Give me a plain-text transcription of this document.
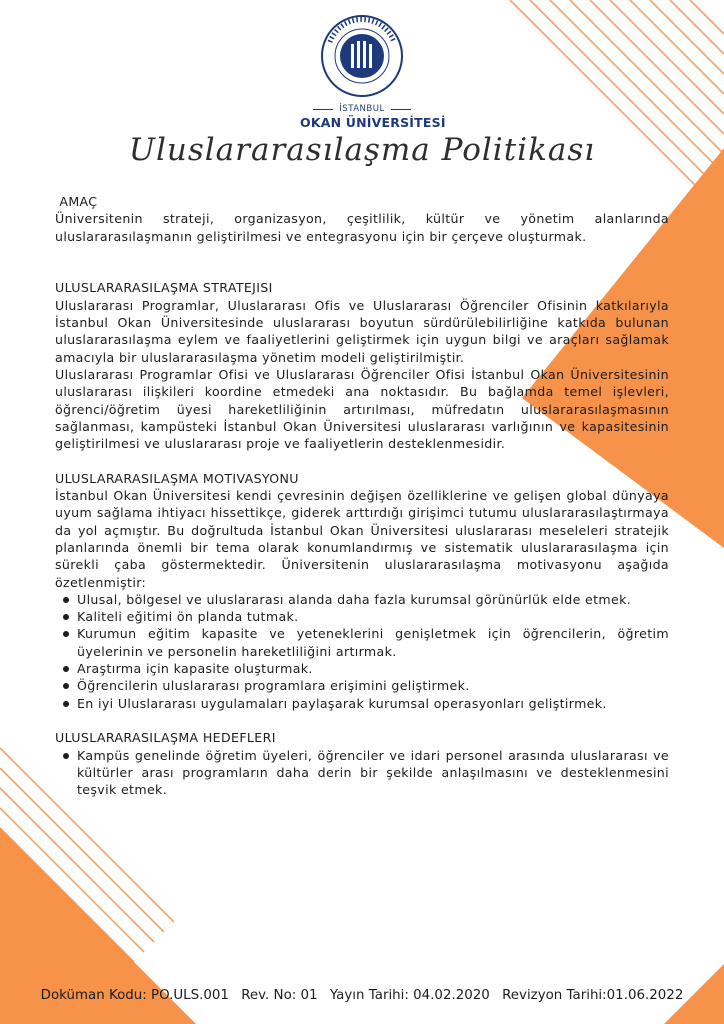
İSTANBUL
OKAN ÜNİVERSİTESİ
Uluslararasılaşma Politikası

AMAÇ

Üniversitenin strateji, organizasyon, çeşitlilik, kültür ve yönetim alanlarında uluslararasılaşmanın geliştirilmesi ve entegrasyonu için bir çerçeve oluşturmak.

ULUSLARARASILAŞMA STRATEJISI

Uluslararası Programlar, Uluslararası Ofis ve Uluslararası Öğrenciler Ofisinin katkılarıyla İstanbul Okan Üniversitesinde uluslararası boyutun sürdürülebilirliğine katkıda bulunan uluslararasılaşma eylem ve faaliyetlerini geliştirmek için uygun bilgi ve araçları sağlamak amacıyla bir uluslararasılaşma yönetim modeli geliştirilmiştir.

Uluslararası Programlar Ofisi ve Uluslararası Öğrenciler Ofisi İstanbul Okan Üniversitesinin uluslararası ilişkileri koordine etmedeki ana noktasıdır. Bu bağlamda temel işlevleri, öğrenci/öğretim üyesi hareketliliğinin artırılması, müfredatın uluslararasılaşmasının sağlanması, kampüsteki İstanbul Okan Üniversitesi uluslararası varlığının ve kapasitesinin geliştirilmesi ve uluslararası proje ve faaliyetlerin desteklenmesidir.

ULUSLARARASILAŞMA MOTIVASYONU

İstanbul Okan Üniversitesi kendi çevresinin değişen özelliklerine ve gelişen global dünyaya uyum sağlama ihtiyacı hissettikçe, giderek arttırdığı girişimci tutumu uluslararasılaştırmaya da yol açmıştır. Bu doğrultuda İstanbul Okan Üniversitesi uluslararası meseleleri stratejik planlarında önemli bir tema olarak konumlandırmış ve sistematik uluslararasılaşma için sürekli çaba göstermektedir. Üniversitenin uluslararasılaşma motivasyonu aşağıda özetlenmiştir:

Ulusal, bölgesel ve uluslararası alanda daha fazla kurumsal görünürlük elde etmek.
Kaliteli eğitimi ön planda tutmak.
Kurumun eğitim kapasite ve yeteneklerini genişletmek için öğrencilerin, öğretim üyelerinin ve personelin hareketliliğini artırmak.
Araştırma için kapasite oluşturmak.
Öğrencilerin uluslararası programlara erişimini geliştirmek.
En iyi Uluslararası uygulamaları paylaşarak kurumsal operasyonları geliştirmek.

ULUSLARARASILAŞMA HEDEFLERI

Kampüs genelinde öğretim üyeleri, öğrenciler ve idari personel arasında uluslararası ve kültürler arası programların daha derin bir şekilde anlaşılmasını ve desteklenmesini teşvik etmek.
Doküman Kodu: PO.ULS.001 Rev. No: 01 Yayın Tarihi: 04.02.2020 Revizyon Tarihi:01.06.2022
